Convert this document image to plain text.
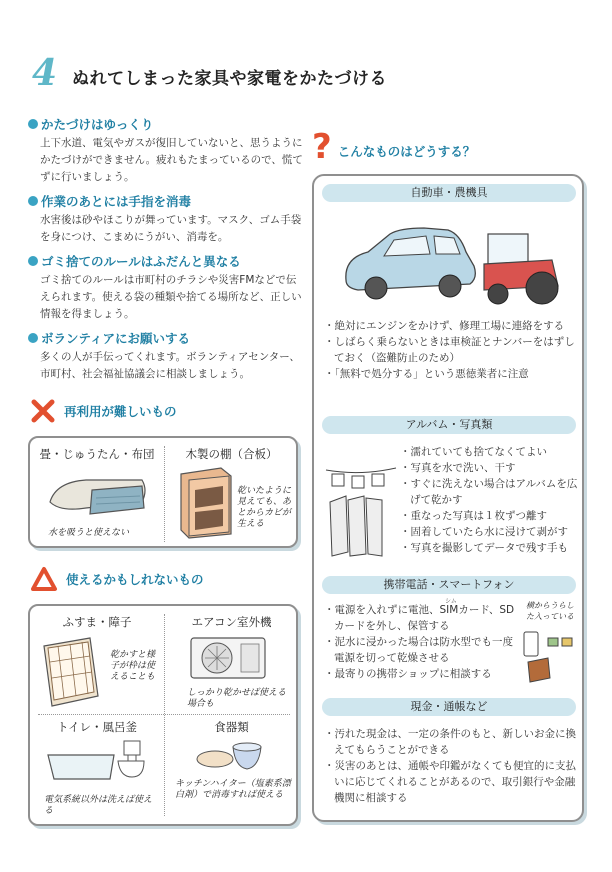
4 ぬれてしまった家具や家電をかたづける
かたづけはゆっくり
上下水道、電気やガスが復旧していないと、思うようにかたづけができません。疲れもたまっているので、慌てずに行いましょう。
作業のあとには手指を消毒
水害後は砂やほこりが舞っています。マスク、ゴム手袋を身につけ、こまめにうがい、消毒を。
ゴミ捨てのルールはふだんと異なる
ゴミ捨てのルールは市町村のチラシや災害FMなどで伝えられます。使える袋の種類や捨てる場所など、正しい情報を得ましょう。
ボランティアにお願いする
多くの人が手伝ってくれます。ボランティアセンター、市町村、社会福祉協議会に相談しましょう。
再利用が難しいもの
畳・じゅうたん・布団
水を吸うと使えない
木製の棚（合板）
乾いたように見えても、あとからカビが生える
使えるかもしれないもの
ふすま・障子
乾かすと様子が枠は使えることも
エアコン室外機
しっかり乾かせば使える場合も
トイレ・風呂釜
電気系統以外は洗えば使える
食器類
キッチンハイター（塩素系漂白剤）で消毒すれば使える
? こんなものはどうする？
自動車・農機具
・絶対にエンジンをかけず、修理工場に連絡をする
・しばらく乗らないときは車検証とナンバーをはずしておく（盗難防止のため）
・「無料で処分する」という悪徳業者に注意
アルバム・写真類
・濡れていても捨てなくてよい
・写真を水で洗い、干す
・すぐに洗えない場合はアルバムを広げて乾かす
・重なった写真は１枚ずつ離す
・固着していたら水に浸けて剥がす
・写真を撮影してデータで残す手も
携帯電話・スマートフォン
シム
・電源を入れずに電池、SIMカード、SDカードを外し、保管する
・泥水に浸かった場合は防水型でも一度電源を切って乾燥させる
・最寄りの携帯ショップに相談する
横からうらした入っている
現金・通帳など
・汚れた現金は、一定の条件のもと、新しいお金に換えてもらうことができる
・災害のあとは、通帳や印鑑がなくても便宜的に支払いに応じてくれることがあるので、取引銀行や金融機関に相談する
